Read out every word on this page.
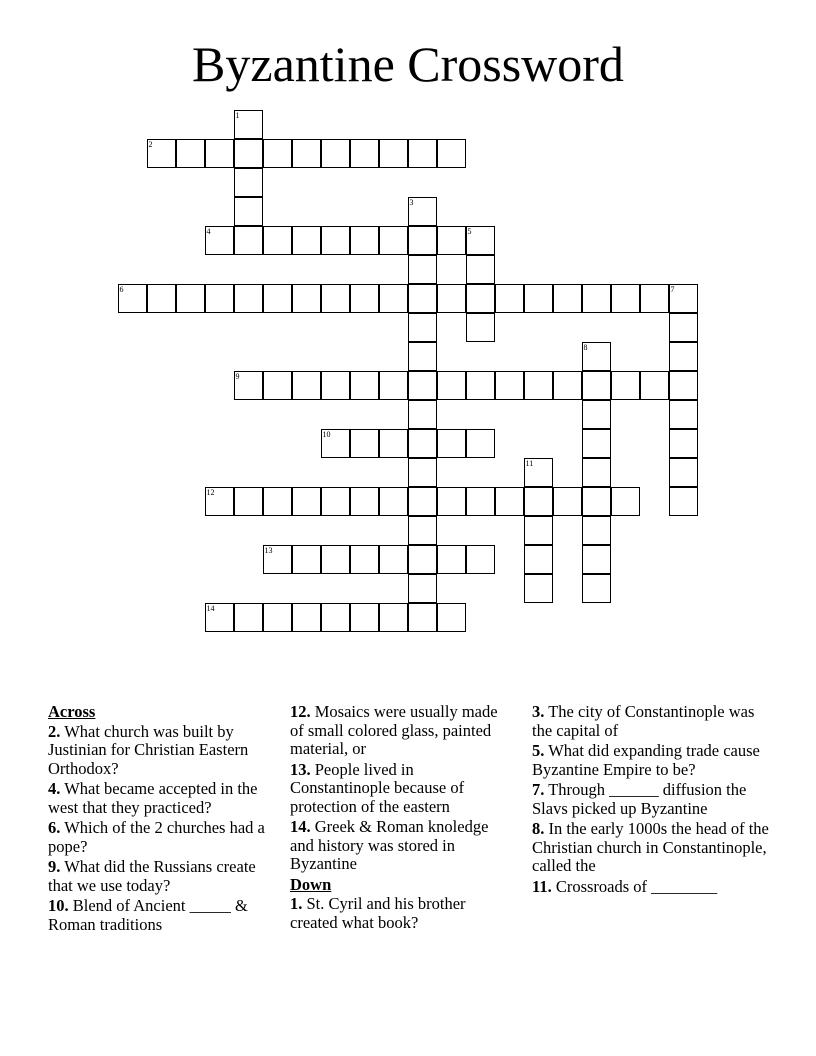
Byzantine Crossword
1
2
3
4	5
6	7
8
9
10
11
12
13
14
Across
2. What church was built by Justinian for Christian Eastern Orthodox?
4. What became accepted in the west that they practiced?
6. Which of the 2 churches had a pope?
9. What did the Russians create that we use today?
10. Blend of Ancient _____ & Roman traditions
12. Mosaics were usually made of small colored glass, painted material, or
13. People lived in Constantinople because of protection of the eastern
14. Greek & Roman knoledge and history was stored in Byzantine
Down
1. St. Cyril and his brother created what book?
3. The city of Constantinople was the capital of
5. What did expanding trade cause Byzantine Empire to be?
7. Through ______ diffusion the Slavs picked up Byzantine
8. In the early 1000s the head of the Christian church in Constantinople, called the
11. Crossroads of ________
